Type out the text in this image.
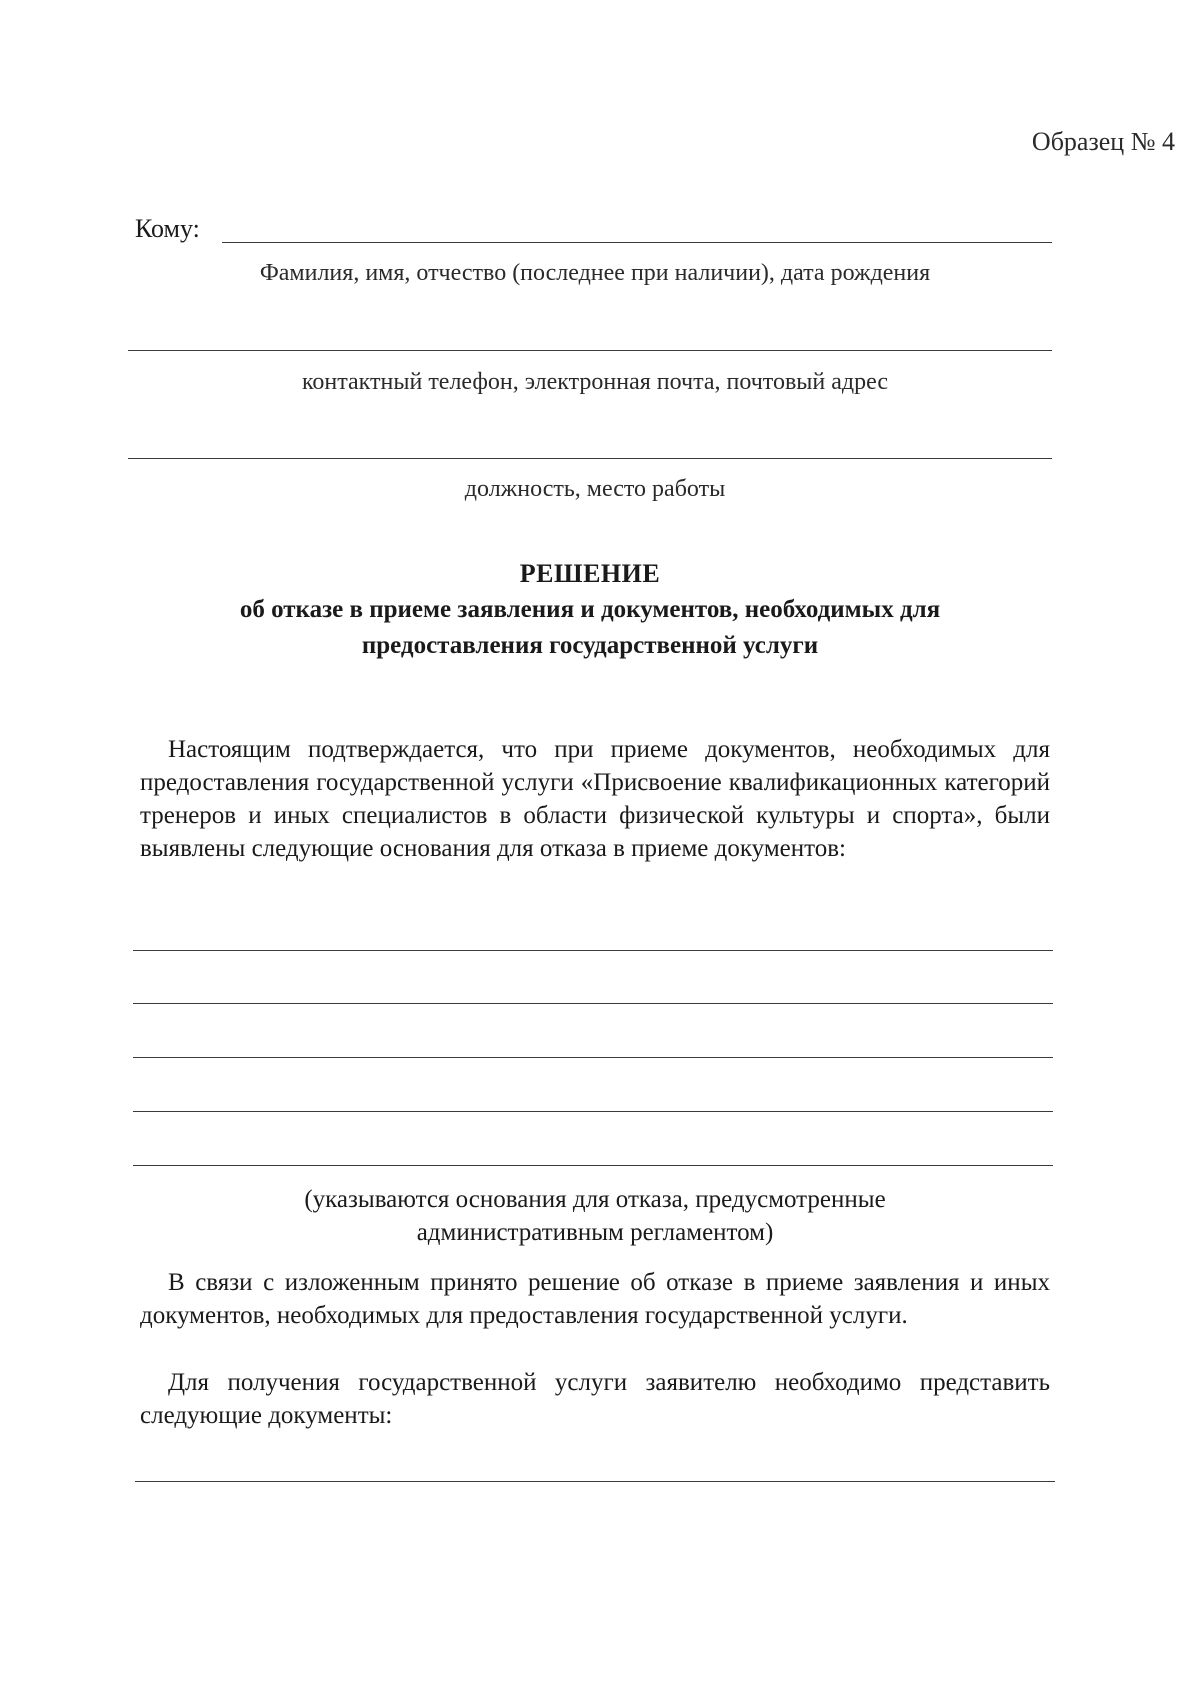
Образец № 4
Кому:
Фамилия, имя, отчество (последнее при наличии), дата рождения
контактный телефон, электронная почта, почтовый адрес
должность, место работы
РЕШЕНИЕ
об отказе в приеме заявления и документов, необходимых для
предоставления государственной услуги
Настоящим подтверждается, что при приеме документов, необходимых для предоставления государственной услуги «Присвоение квалификационных категорий тренеров и иных специалистов в области физической культуры и спорта», были выявлены следующие основания для отказа в приеме документов:
(указываются основания для отказа, предусмотренные
административным регламентом)
В связи с изложенным принято решение об отказе в приеме заявления и иных документов, необходимых для предоставления государственной услуги.
Для получения государственной услуги заявителю необходимо представить следующие документы:
